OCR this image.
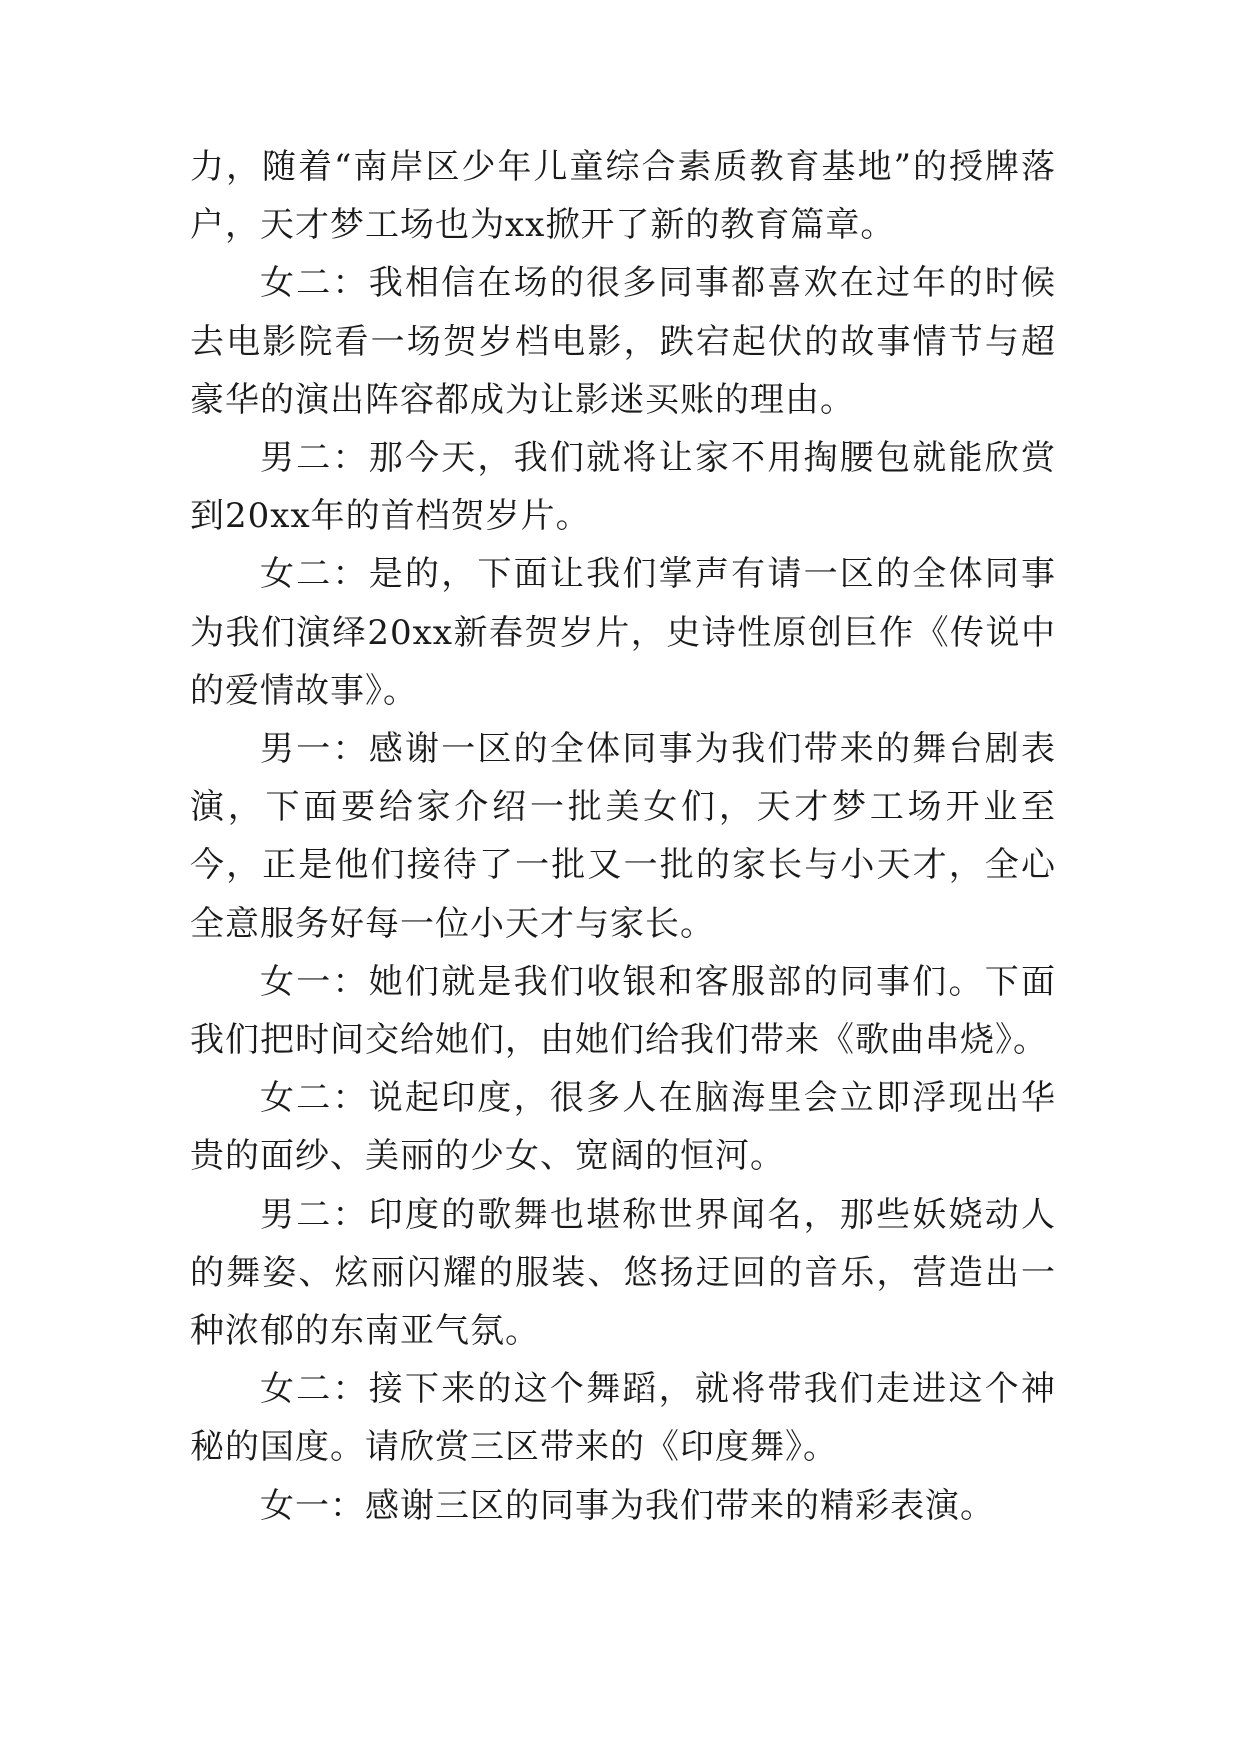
力，随着“南岸区少年儿童综合素质教育基地”的授牌落户，天才梦工场也为xx掀开了新的教育篇章。

女二：我相信在场的很多同事都喜欢在过年的时候去电影院看一场贺岁档电影，跌宕起伏的故事情节与超豪华的演出阵容都成为让影迷买账的理由。

男二：那今天，我们就将让家不用掏腰包就能欣赏到20xx年的首档贺岁片。

女二：是的，下面让我们掌声有请一区的全体同事为我们演绎20xx新春贺岁片，史诗性原创巨作《传说中的爱情故事》。

男一：感谢一区的全体同事为我们带来的舞台剧表演，下面要给家介绍一批美女们，天才梦工场开业至今，正是他们接待了一批又一批的家长与小天才，全心全意服务好每一位小天才与家长。

女一：她们就是我们收银和客服部的同事们。下面我们把时间交给她们，由她们给我们带来《歌曲串烧》。

女二：说起印度，很多人在脑海里会立即浮现出华贵的面纱、美丽的少女、宽阔的恒河。

男二：印度的歌舞也堪称世界闻名，那些妖娆动人的舞姿、炫丽闪耀的服装、悠扬迂回的音乐，营造出一种浓郁的东南亚气氛。

女二：接下来的这个舞蹈，就将带我们走进这个神秘的国度。请欣赏三区带来的《印度舞》。

女一：感谢三区的同事为我们带来的精彩表演。
